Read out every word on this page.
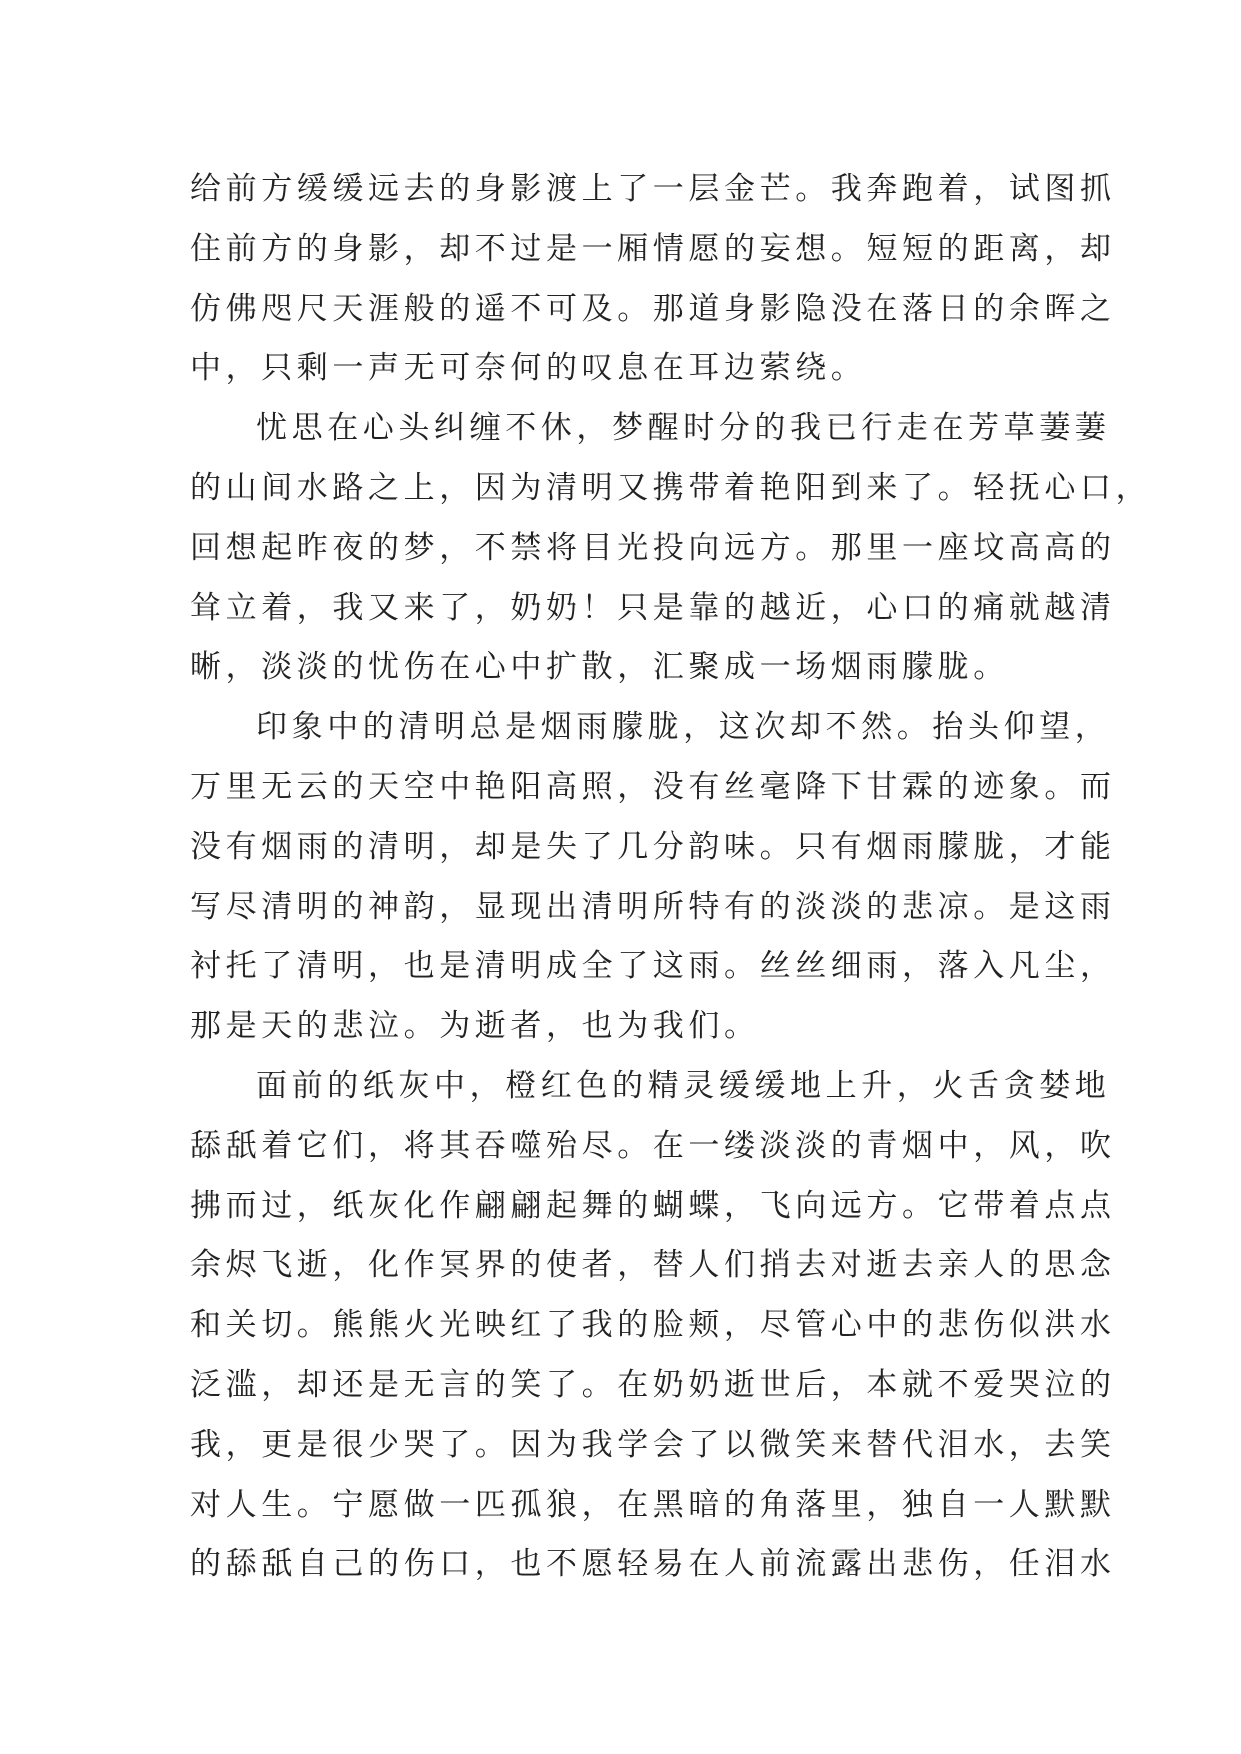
给前方缓缓远去的身影渡上了一层金芒。我奔跑着，试图抓
住前方的身影，却不过是一厢情愿的妄想。短短的距离，却
仿佛咫尺天涯般的遥不可及。那道身影隐没在落日的余晖之
中，只剩一声无可奈何的叹息在耳边萦绕。
忧思在心头纠缠不休，梦醒时分的我已行走在芳草萋萋
的山间水路之上，因为清明又携带着艳阳到来了。轻抚心口，
回想起昨夜的梦，不禁将目光投向远方。那里一座坟高高的
耸立着，我又来了，奶奶！只是靠的越近，心口的痛就越清
晰，淡淡的忧伤在心中扩散，汇聚成一场烟雨朦胧。
印象中的清明总是烟雨朦胧，这次却不然。抬头仰望，
万里无云的天空中艳阳高照，没有丝毫降下甘霖的迹象。而
没有烟雨的清明，却是失了几分韵味。只有烟雨朦胧，才能
写尽清明的神韵，显现出清明所特有的淡淡的悲凉。是这雨
衬托了清明，也是清明成全了这雨。丝丝细雨，落入凡尘，
那是天的悲泣。为逝者，也为我们。
面前的纸灰中，橙红色的精灵缓缓地上升，火舌贪婪地
舔舐着它们，将其吞噬殆尽。在一缕淡淡的青烟中，风，吹
拂而过，纸灰化作翩翩起舞的蝴蝶，飞向远方。它带着点点
余烬飞逝，化作冥界的使者，替人们捎去对逝去亲人的思念
和关切。熊熊火光映红了我的脸颊，尽管心中的悲伤似洪水
泛滥，却还是无言的笑了。在奶奶逝世后，本就不爱哭泣的
我，更是很少哭了。因为我学会了以微笑来替代泪水，去笑
对人生。宁愿做一匹孤狼，在黑暗的角落里，独自一人默默
的舔舐自己的伤口，也不愿轻易在人前流露出悲伤，任泪水
